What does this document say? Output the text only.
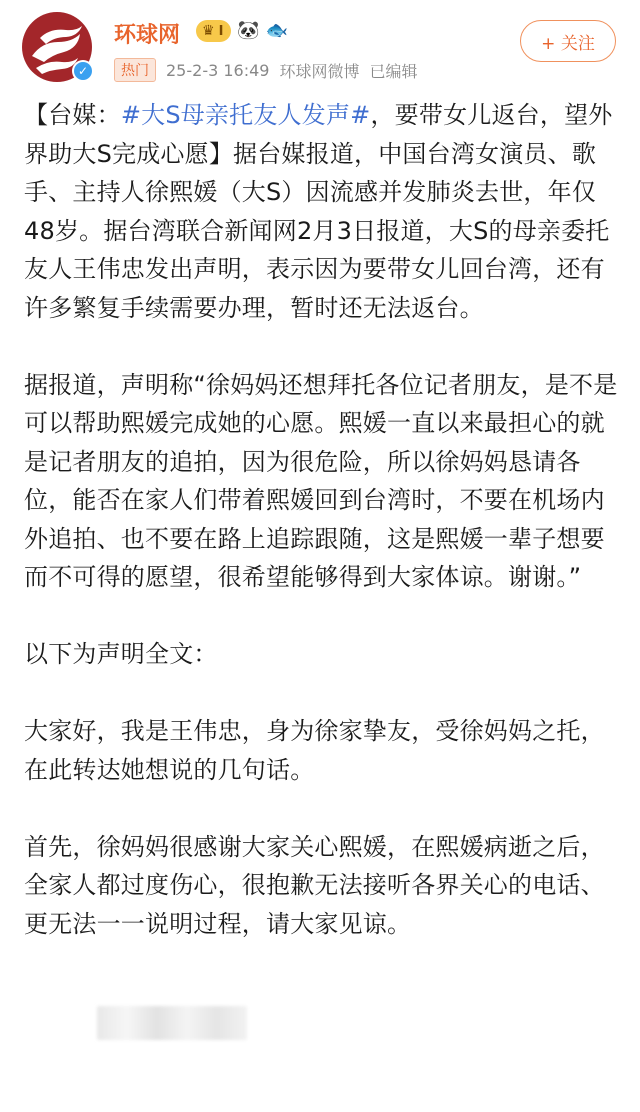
✓
环球网 ♛ I 🐼 🐟
热门	25-2-3 16:49 环球网微博 已编辑
+ 关注

【台媒：#大S母亲托友人发声#，要带女儿返台，望外界助大S完成心愿】据台媒报道，中国台湾女演员、歌手、主持人徐熙媛（大S）因流感并发肺炎去世，年仅48岁。据台湾联合新闻网2月3日报道，大S的母亲委托友人王伟忠发出声明，表示因为要带女儿回台湾，还有许多繁复手续需要办理，暂时还无法返台。

据报道，声明称“徐妈妈还想拜托各位记者朋友，是不是可以帮助熙媛完成她的心愿。熙媛一直以来最担心的就是记者朋友的追拍，因为很危险，所以徐妈妈恳请各位，能否在家人们带着熙媛回到台湾时，不要在机场内外追拍、也不要在路上追踪跟随，这是熙媛一辈子想要而不可得的愿望，很希望能够得到大家体谅。谢谢。”

以下为声明全文：

大家好，我是王伟忠，身为徐家挚友，受徐妈妈之托，在此转达她想说的几句话。

首先，徐妈妈很感谢大家关心熙媛，在熙媛病逝之后，全家人都过度伤心，很抱歉无法接听各界关心的电话、更无法一一说明过程，请大家见谅。
